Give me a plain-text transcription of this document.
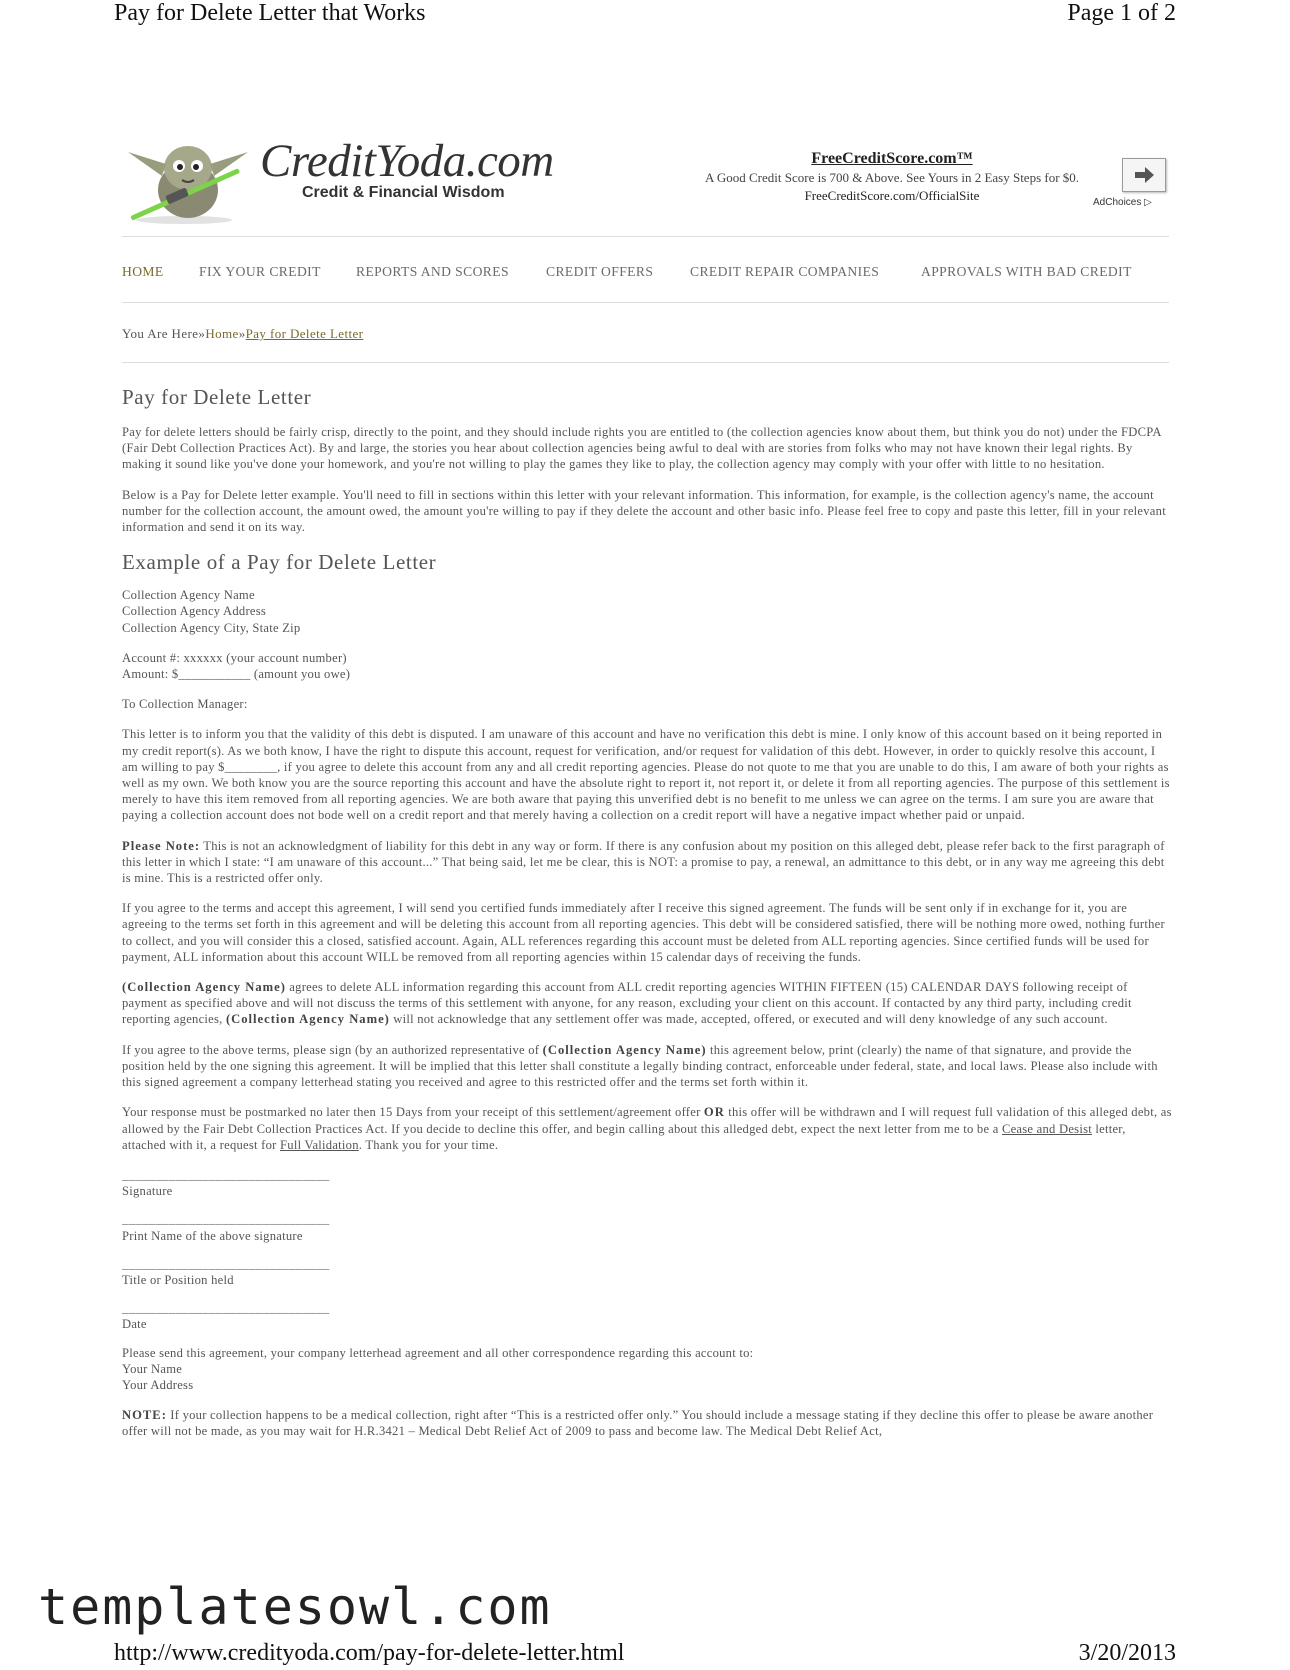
Pay for Delete Letter that Works	Page 1 of 2
CreditYoda.com
Credit & Financial Wisdom
FreeCreditScore.com™
A Good Credit Score is 700 & Above. See Yours in 2 Easy Steps for $0.
FreeCreditScore.com/OfficialSite	AdChoices ▷
HOME	FIX YOUR CREDIT	REPORTS AND SCORES	CREDIT OFFERS	CREDIT REPAIR COMPANIES	APPROVALS WITH BAD CREDIT
You Are Here»Home»Pay for Delete Letter
Pay for Delete Letter

Pay for delete letters should be fairly crisp, directly to the point, and they should include rights you are entitled to (the collection agencies know about them, but think you do not) under the FDCPA (Fair Debt Collection Practices Act). By and large, the stories you hear about collection agencies being awful to deal with are stories from folks who may not have known their legal rights. By making it sound like you've done your homework, and you're not willing to play the games they like to play, the collection agency may comply with your offer with little to no hesitation.

Below is a Pay for Delete letter example. You'll need to fill in sections within this letter with your relevant information. This information, for example, is the collection agency's name, the account number for the collection account, the amount owed, the amount you're willing to pay if they delete the account and other basic info. Please feel free to copy and paste this letter, fill in your relevant information and send it on its way.

Example of a Pay for Delete Letter
Collection Agency Name
Collection Agency Address
Collection Agency City, State Zip
Account #: xxxxxx (your account number)
Amount: $___________ (amount you owe)

To Collection Manager:

This letter is to inform you that the validity of this debt is disputed. I am unaware of this account and have no verification this debt is mine. I only know of this account based on it being reported in my credit report(s). As we both know, I have the right to dispute this account, request for verification, and/or request for validation of this debt. However, in order to quickly resolve this account, I am willing to pay $________, if you agree to delete this account from any and all credit reporting agencies. Please do not quote to me that you are unable to do this, I am aware of both your rights as well as my own. We both know you are the source reporting this account and have the absolute right to report it, not report it, or delete it from all reporting agencies. The purpose of this settlement is merely to have this item removed from all reporting agencies. We are both aware that paying this unverified debt is no benefit to me unless we can agree on the terms. I am sure you are aware that paying a collection account does not bode well on a credit report and that merely having a collection on a credit report will have a negative impact whether paid or unpaid.

Please Note: This is not an acknowledgment of liability for this debt in any way or form. If there is any confusion about my position on this alleged debt, please refer back to the first paragraph of this letter in which I state: “I am unaware of this account...” That being said, let me be clear, this is NOT: a promise to pay, a renewal, an admittance to this debt, or in any way me agreeing this debt is mine. This is a restricted offer only.

If you agree to the terms and accept this agreement, I will send you certified funds immediately after I receive this signed agreement. The funds will be sent only if in exchange for it, you are agreeing to the terms set forth in this agreement and will be deleting this account from all reporting agencies. This debt will be considered satisfied, there will be nothing more owed, nothing further to collect, and you will consider this a closed, satisfied account. Again, ALL references regarding this account must be deleted from ALL reporting agencies. Since certified funds will be used for payment, ALL information about this account WILL be removed from all reporting agencies within 15 calendar days of receiving the funds.

(Collection Agency Name) agrees to delete ALL information regarding this account from ALL credit reporting agencies WITHIN FIFTEEN (15) CALENDAR DAYS following receipt of payment as specified above and will not discuss the terms of this settlement with anyone, for any reason, excluding your client on this account. If contacted by any third party, including credit reporting agencies, (Collection Agency Name) will not acknowledge that any settlement offer was made, accepted, offered, or executed and will deny knowledge of any such account.

If you agree to the above terms, please sign (by an authorized representative of (Collection Agency Name) this agreement below, print (clearly) the name of that signature, and provide the position held by the one signing this agreement. It will be implied that this letter shall constitute a legally binding contract, enforceable under federal, state, and local laws. Please also include with this signed agreement a company letterhead stating you received and agree to this restricted offer and the terms set forth within it.

Your response must be postmarked no later then 15 Days from your receipt of this settlement/agreement offer OR this offer will be withdrawn and I will request full validation of this alleged debt, as allowed by the Fair Debt Collection Practices Act. If you decide to decline this offer, and begin calling about this alledged debt, expect the next letter from me to be a Cease and Desist letter, attached with it, a request for Full Validation. Thank you for your time.

_______________________________
Signature
_______________________________
Print Name of the above signature
_______________________________
Title or Position held
_______________________________
Date
Please send this agreement, your company letterhead agreement and all other correspondence regarding this account to:
Your Name
Your Address

NOTE: If your collection happens to be a medical collection, right after “This is a restricted offer only.” You should include a message stating if they decline this offer to please be aware another offer will not be made, as you may wait for H.R.3421 – Medical Debt Relief Act of 2009 to pass and become law. The Medical Debt Relief Act,

templatesowl.com
http://www.credityoda.com/pay-for-delete-letter.html	3/20/2013
